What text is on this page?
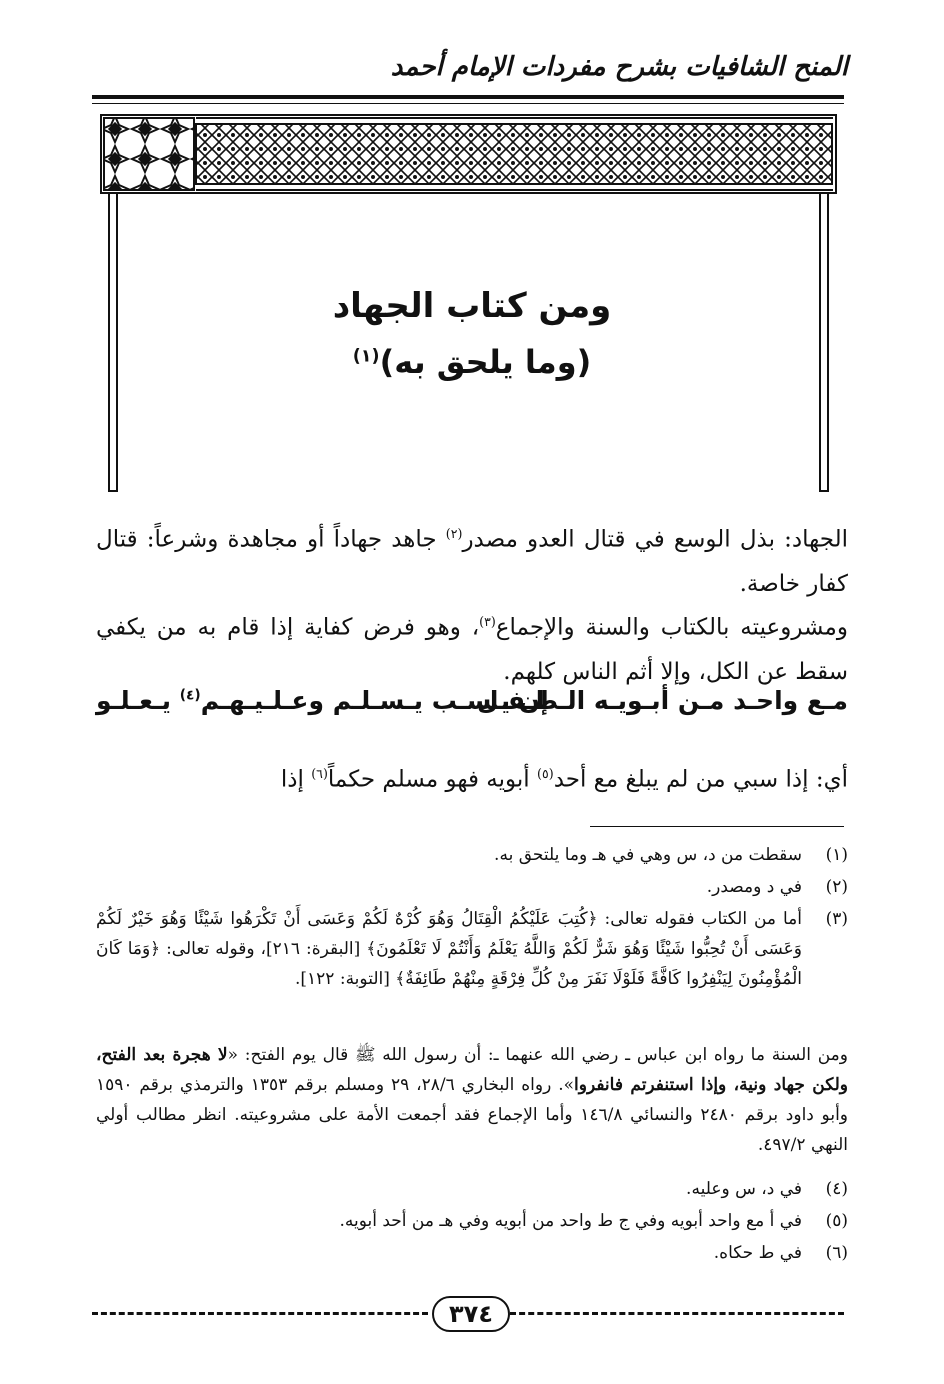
المنح الشافيات بشرح مفردات الإمام أحمد
ومن كتاب الجهاد
(وما يلحق به)$^{(١)}$
الجهاد: بذل الوسع في قتال العدو مصدر$^{(٢)}$ جاهد جهاداً أو مجاهدة وشرعاً: قتال كفار خاصة.
ومشروعيته بالكتاب والسنة والإجماع$^{(٣)}$، وهو فرض كفاية إذا قام به من يكفي سقط عن الكل، وإلا أثم الناس كلهم.
مـع واحـد مـن أبـويـه الـطـفـل
إن يـسـب يـسـلـم وعـلـيـهـم$^{(٤)}$ يـعـلـو
أي: إذا سبي من لم يبلغ مع أحد$^{(٥)}$ أبويه فهو مسلم حكماً$^{(٦)}$ إذا
(١)
سقطت من د، س وهي في هـ وما يلتحق به.
(٢)
في د ومصدر.
(٣)
أما من الكتاب فقوله تعالى: ﴿كُتِبَ عَلَيْكُمُ الْقِتَالُ وَهُوَ كُرْهٌ لَكُمْ وَعَسَى أَنْ تَكْرَهُوا شَيْئًا وَهُوَ خَيْرٌ لَكُمْ وَعَسَى أَنْ تُحِبُّوا شَيْئًا وَهُوَ شَرٌّ لَكُمْ وَاللَّهُ يَعْلَمُ وَأَنْتُمْ لَا تَعْلَمُونَ﴾ [البقرة: ٢١٦]، وقوله تعالى: ﴿وَمَا كَانَ الْمُؤْمِنُونَ لِيَنْفِرُوا كَافَّةً فَلَوْلَا نَفَرَ مِنْ كُلِّ فِرْقَةٍ مِنْهُمْ طَائِفَةٌ﴾ [التوبة: ١٢٢].
ومن السنة ما رواه ابن عباس ـ رضي الله عنهما ـ: أن رسول الله ﷺ قال يوم الفتح: «لا هجرة بعد الفتح، ولكن جهاد ونية، وإذا استنفرتم فانفروا». رواه البخاري ٢٨/٦، ٢٩ ومسلم برقم ١٣٥٣ والترمذي برقم ١٥٩٠ وأبو داود برقم ٢٤٨٠ والنسائي ١٤٦/٨ وأما الإجماع فقد أجمعت الأمة على مشروعيته. انظر مطالب أولي النهي ٤٩٧/٢.
(٤)
في د، س وعليه.
(٥)
في أ مع واحد أبويه وفي ج ط واحد من أبويه وفي هـ من أحد أبويه.
(٦)
في ط حكاه.
٣٧٤
